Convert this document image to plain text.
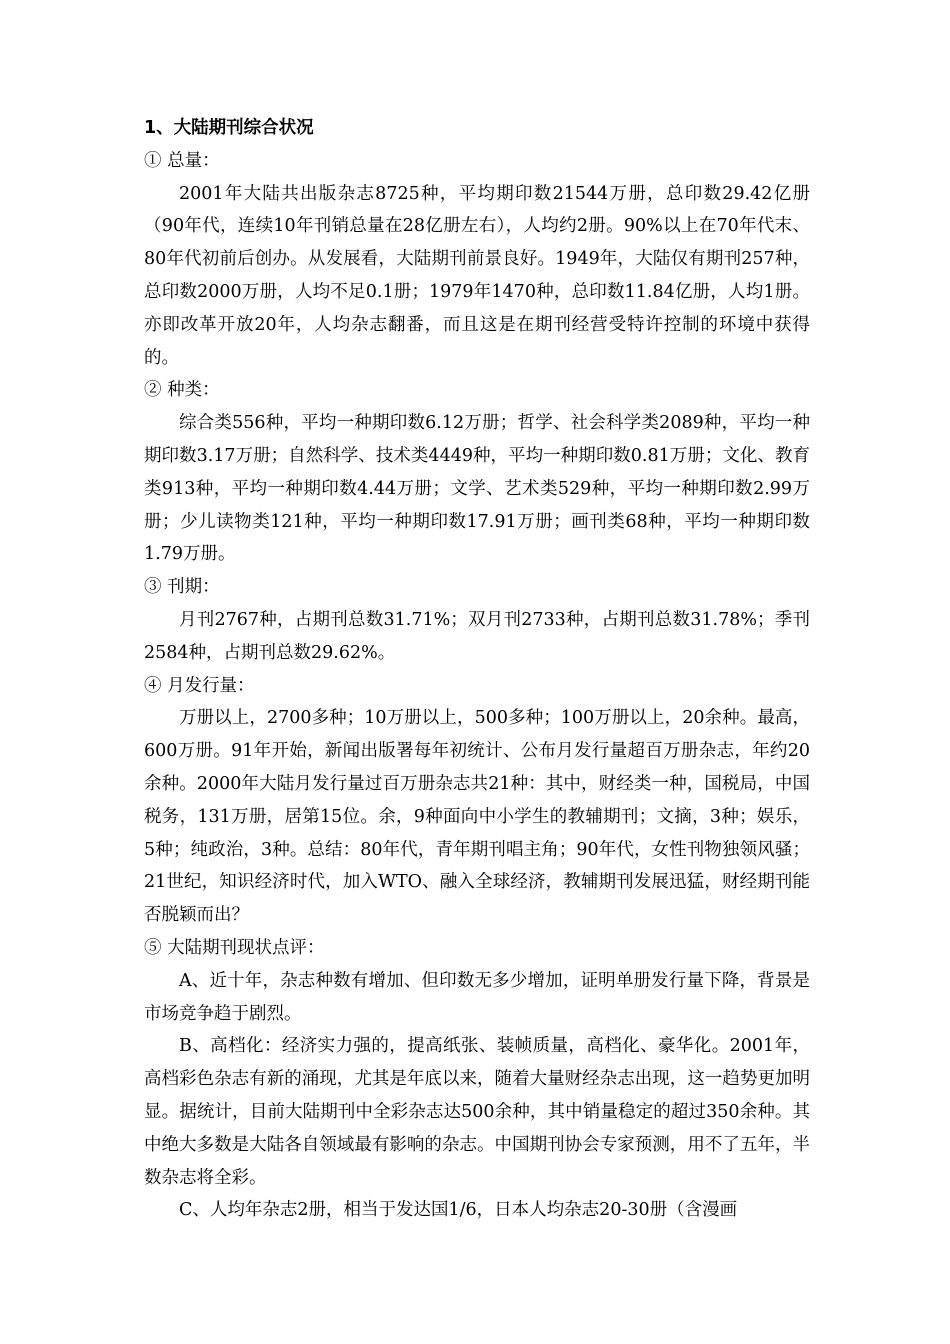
1、大陆期刊综合状况

① 总量：

2001年大陆共出版杂志8725种，平均期印数21544万册，总印数29.42亿册（90年代，连续10年刊销总量在28亿册左右），人均约2册。90%以上在70年代末、80年代初前后创办。从发展看，大陆期刊前景良好。1949年，大陆仅有期刊257种，总印数2000万册，人均不足0.1册；1979年1470种，总印数11.84亿册，人均1册。亦即改革开放20年，人均杂志翻番，而且这是在期刊经营受特许控制的环境中获得的。

② 种类：

综合类556种，平均一种期印数6.12万册；哲学、社会科学类2089种，平均一种期印数3.17万册；自然科学、技术类4449种，平均一种期印数0.81万册；文化、教育类913种，平均一种期印数4.44万册；文学、艺术类529种，平均一种期印数2.99万册；少儿读物类121种，平均一种期印数17.91万册；画刊类68种，平均一种期印数1.79万册。

③ 刊期：

月刊2767种，占期刊总数31.71%；双月刊2733种，占期刊总数31.78%；季刊2584种，占期刊总数29.62%。

④ 月发行量：

万册以上，2700多种；10万册以上，500多种；100万册以上，20余种。最高，600万册。91年开始，新闻出版署每年初统计、公布月发行量超百万册杂志，年约20余种。2000年大陆月发行量过百万册杂志共21种：其中，财经类一种，国税局，中国税务，131万册，居第15位。余，9种面向中小学生的教辅期刊；文摘，3种；娱乐，5种；纯政治，3种。总结：80年代，青年期刊唱主角；90年代，女性刊物独领风骚；21世纪，知识经济时代，加入WTO、融入全球经济，教辅期刊发展迅猛，财经期刊能否脱颖而出？

⑤ 大陆期刊现状点评：

A、近十年，杂志种数有增加、但印数无多少增加，证明单册发行量下降，背景是市场竞争趋于剧烈。

B、高档化：经济实力强的，提高纸张、装帧质量，高档化、豪华化。2001年，高档彩色杂志有新的涌现，尤其是年底以来，随着大量财经杂志出现，这一趋势更加明显。据统计，目前大陆期刊中全彩杂志达500余种，其中销量稳定的超过350余种。其中绝大多数是大陆各自领域最有影响的杂志。中国期刊协会专家预测，用不了五年，半数杂志将全彩。

C、人均年杂志2册，相当于发达国1/6，日本人均杂志20-30册（含漫画
